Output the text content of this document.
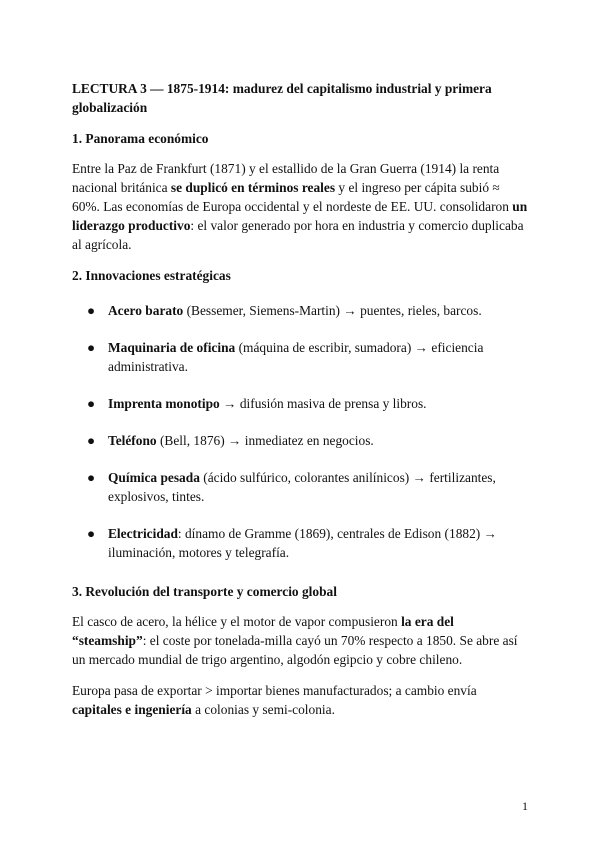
LECTURA 3 — 1875‑1914: madurez del capitalismo industrial y primera globalización
1. Panorama económico
Entre la Paz de Frankfurt (1871) y el estallido de la Gran Guerra (1914) la renta nacional británica se duplicó en términos reales y el ingreso per cápita subió ≈ 60%. Las economías de Europa occidental y el nordeste de EE. UU. consolidaron un liderazgo productivo: el valor generado por hora en industria y comercio duplicaba al agrícola.
2. Innovaciones estratégicas
● Acero barato (Bessemer, Siemens‑Martin) → puentes, rieles, barcos.
● Maquinaria de oficina (máquina de escribir, sumadora) → eficiencia administrativa.
● Imprenta monotipo → difusión masiva de prensa y libros.
● Teléfono (Bell, 1876) → inmediatez en negocios.
● Química pesada (ácido sulfúrico, colorantes anilínicos) → fertilizantes, explosivos, tintes.
● Electricidad: dínamo de Gramme (1869), centrales de Edison (1882) → iluminación, motores y telegrafía.
3. Revolución del transporte y comercio global
El casco de acero, la hélice y el motor de vapor compusieron la era del “steamship”: el coste por tonelada‑milla cayó un 70% respecto a 1850. Se abre así un mercado mundial de trigo argentino, algodón egipcio y cobre chileno.
Europa pasa de exportar > importar bienes manufacturados; a cambio envía capitales e ingeniería a colonias y semi‑colonia.
1
